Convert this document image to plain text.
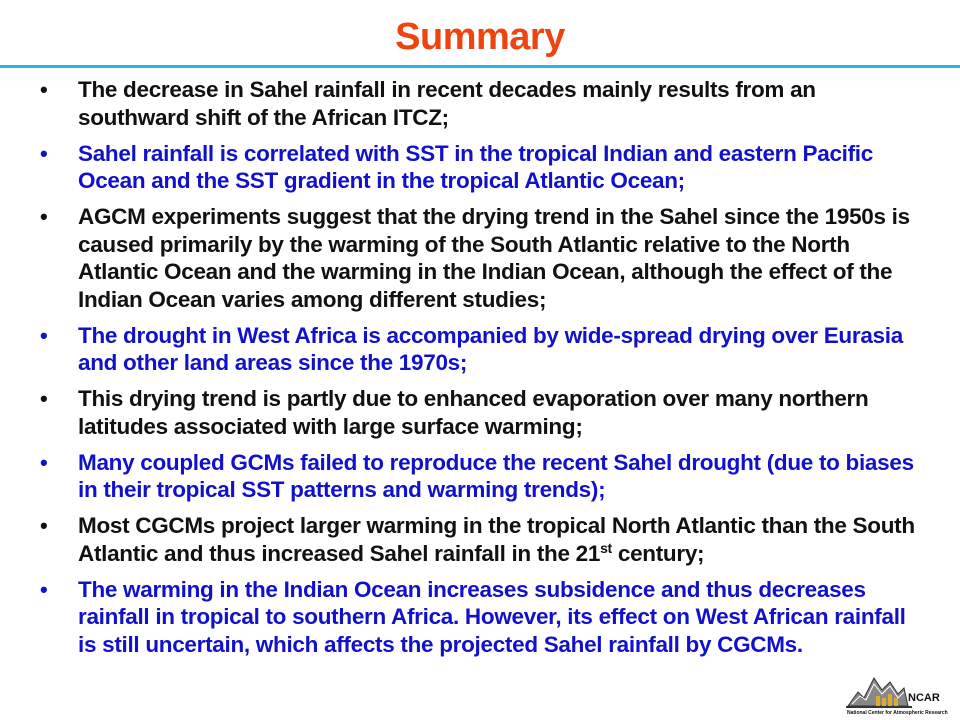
Summary
• The decrease in Sahel rainfall in recent decades mainly results from an southward shift of the African ITCZ;
• Sahel rainfall is correlated with SST in the tropical Indian and eastern Pacific Ocean and the SST gradient in the tropical Atlantic Ocean;
• AGCM experiments suggest that the drying trend in the Sahel since the 1950s is caused primarily by the warming of the South Atlantic relative to the North Atlantic Ocean and the warming in the Indian Ocean, although the effect of the Indian Ocean varies among different studies;
• The drought in West Africa is accompanied by wide-spread drying over Eurasia and other land areas since the 1970s;
• This drying trend is partly due to enhanced evaporation over many northern latitudes associated with large surface warming;
• Many coupled GCMs failed to reproduce the recent Sahel drought (due to biases in their tropical SST patterns and warming trends);
• Most CGCMs project larger warming in the tropical North Atlantic than the South Atlantic and thus increased Sahel rainfall in the 21st century;
• The warming in the Indian Ocean increases subsidence and thus decreases rainfall in tropical to southern Africa. However, its effect on West African rainfall is still uncertain, which affects the projected Sahel rainfall by CGCMs.
NCAR
National Center for Atmospheric Research
